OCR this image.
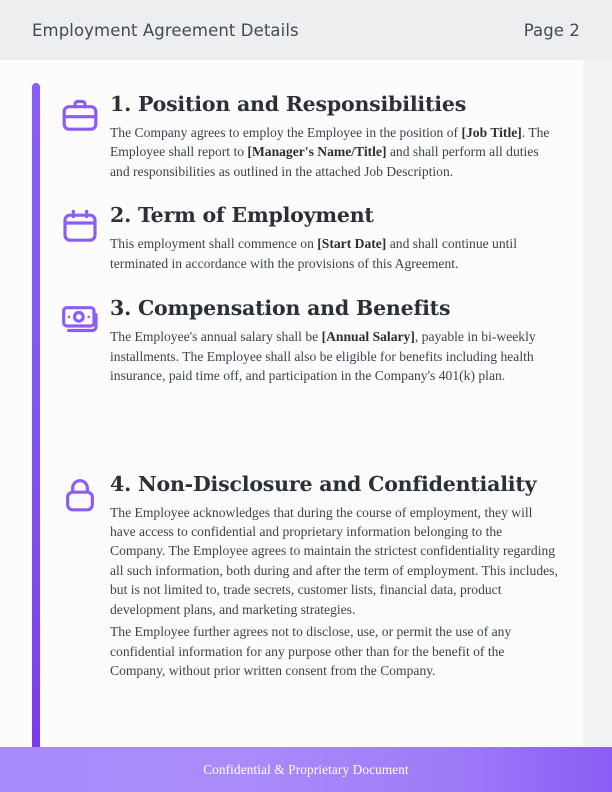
Employment Agreement Details	Page 2
1. Position and Responsibilities

The Company agrees to employ the Employee in the position of [Job Title]. The Employee shall report to [Manager's Name/Title] and shall perform all duties and responsibilities as outlined in the attached Job Description.

2. Term of Employment

This employment shall commence on [Start Date] and shall continue until terminated in accordance with the provisions of this Agreement.

3. Compensation and Benefits

The Employee's annual salary shall be [Annual Salary], payable in bi-weekly installments. The Employee shall also be eligible for benefits including health insurance, paid time off, and participation in the Company's 401(k) plan.

4. Non-Disclosure and Confidentiality

The Employee acknowledges that during the course of employment, they will have access to confidential and proprietary information belonging to the Company. The Employee agrees to maintain the strictest confidentiality regarding all such information, both during and after the term of employment. This includes, but is not limited to, trade secrets, customer lists, financial data, product development plans, and marketing strategies.

The Employee further agrees not to disclose, use, or permit the use of any confidential information for any purpose other than for the benefit of the Company, without prior written consent from the Company.

Confidential & Proprietary Document
